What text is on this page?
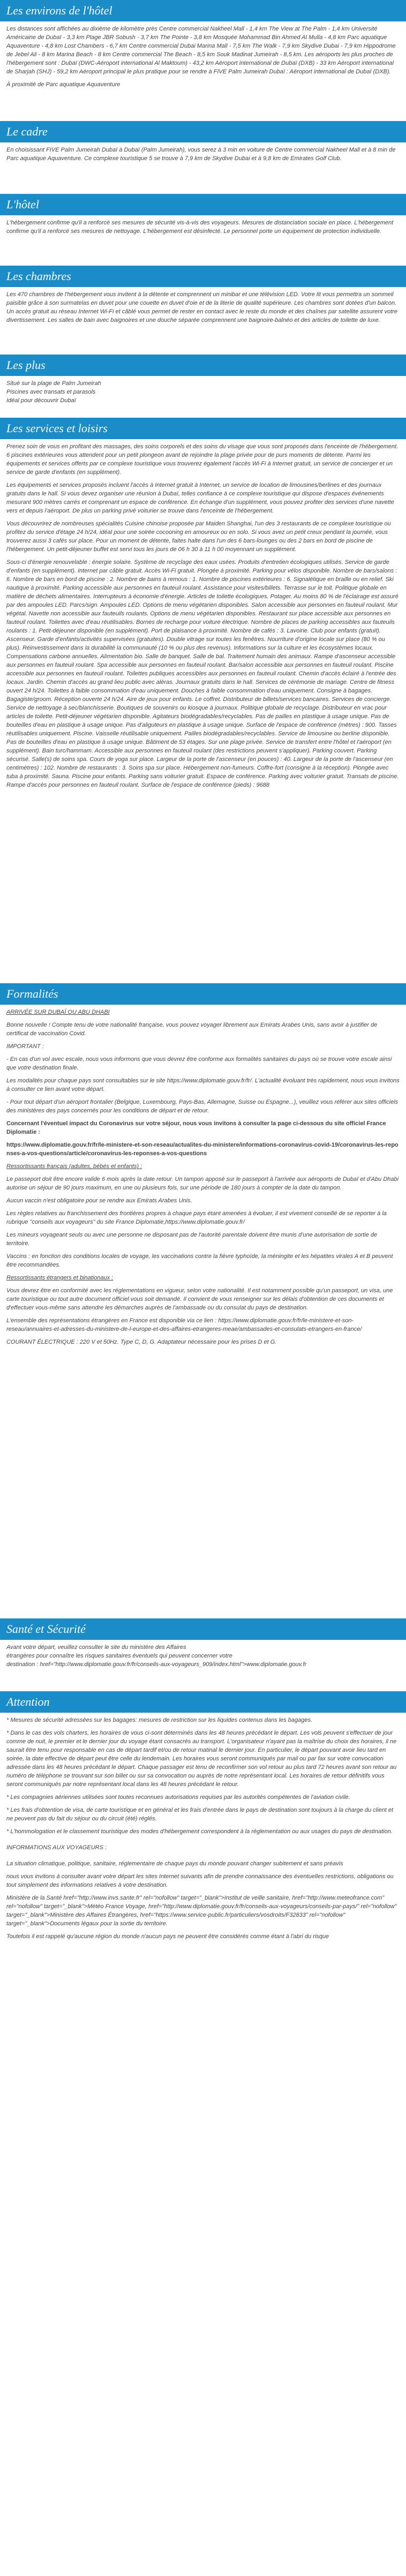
Les environs de l'hôtel

Les distances sont affichées au dixième de kilomètre près Centre commercial Nakheel Mall - 1,4 km The View at The Palm - 1,4 km Université Américaine de Dubaï - 3,3 km Plage JBR Sobush - 3,7 km The Pointe - 3,8 km Mosquée Mohammad Bin Ahmed Al Mulla - 4,8 km Parc aquatique Aquaventure - 4,8 km Lost Chambers - 6,7 km Centre commercial Dubai Marina Mall - 7,5 km The Walk - 7,9 km Skydive Dubai - 7,9 km Hippodrome de Jebel Ali - 8 km Marina Beach - 8 km Centre commercial The Beach - 8,5 km Souk Madinat Jumeirah - 8,5 km. Les aéroports les plus proches de l'hébergement sont : Dubaï (DWC-Aéroport international Al Maktoum) - 43,2 km Aéroport international de Dubaï (DXB) - 33 km Aéroport international de Sharjah (SHJ) - 59,2 km Aéroport principal le plus pratique pour se rendre à FIVE Palm Jumeirah Dubaï : Aéroport international de Dubaï (DXB).

À proximité de Parc aquatique Aquaventure

Le cadre

En choisissant FIVE Palm Jumeirah Dubaï à Dubaï (Palm Jumeirah), vous serez à 3 min en voiture de Centre commercial Nakheel Mall et à 8 min de Parc aquatique Aquaventure. Ce complexe touristique 5 se trouve à 7,9 km de Skydive Dubai et à 9,8 km de Emirates Golf Club.

L'hôtel

L'hébergement confirme qu'il a renforcé ses mesures de sécurité vis-à-vis des voyageurs. Mesures de distanciation sociale en place. L'hébergement confirme qu'il a renforcé ses mesures de nettoyage. L'hébergement est désinfecté. Le personnel porte un équipement de protection individuelle.

Les chambres

Les 470 chambres de l'hébergement vous invitent à la détente et comprennent un minibar et une télévision LED. Votre lit vous permettra un sommeil paisible grâce à son surmatelas en duvet pour une couette en duvet d'oie et de la literie de qualité supérieure. Les chambres sont dotées d'un balcon. Un accès gratuit au réseau Internet Wi-Fi et câblé vous permet de rester en contact avec le reste du monde et des chaînes par satellite assurent votre divertissement. Les salles de bain avec baignoires et une douche séparée comprennent une baignoire-balnéo et des articles de toilette de luxe.

Les plus

Situé sur la plage de Palm Jumeirah

Piscines avec transats et parasols

Idéal pour découvrir Dubaï

Les services et loisirs

Prenez soin de vous en profitant des massages, des soins corporels et des soins du visage que vous sont proposés dans l'enceinte de l'hébergement. 6 piscines extérieures vous attendent pour un petit plongeon avant de rejoindre la plage privée pour de purs moments de détente. Parmi les équipements et services offerts par ce complexe touristique vous trouverez également l'accès Wi-Fi à Internet gratuit, un service de concierger et un service de garde d'enfants (en supplément).

Les équipements et services proposés incluent l'accès à Internet gratuit à Internet, un service de location de limousines/berlines et des journaux gratuits dans le hall. Si vous devez organiser une réunion à Dubaï, telles confiance à ce complexe touristique qui dispose d'espaces événements mesurant 900 mètres carrés et comprenant un espace de conférence. En échange d'un supplément, vous pouvez profiter des services d'une navette vers et depuis l'aéroport. De plus un parking privé voiturier se trouve dans l'enceinte de l'hébergement.

Vous découvrirez de nombreuses spécialités Cuisine chinoise proposée par Maiden Shanghai, l'un des 3 restaurants de ce complexe touristique ou profitez du service d'étage 24 h/24, idéal pour une soirée cocooning en amoureux ou en solo. Si vous avez un petit creux pendant la journée, vous trouverez aussi 3 cafés sur place. Pour un moment de détente, faites halte dans l'un des 6 bars-lounges ou des 2 bars en bord de piscine de l'hébergement. Un petit-déjeuner buffet est servi tous les jours de 06 h 30 à 11 h 00 moyennant un supplément.

Sous-ci d'énergie renouvelable : énergie solaire. Système de recyclage des eaux usées. Produits d'entretien écologiques utilisés. Service de garde d'enfants (en supplément). Internet par câble gratuit. Accès Wi-Fi gratuit. Plongée à proximité. Parking pour vélos disponible. Nombre de bars/salons : 6. Nombre de bars en bord de piscine : 2. Nombre de bains à remous : 1. Nombre de piscines extérieures : 6. Signalétique en braille ou en relief. Ski nautique à proximité. Parking accessible aux personnes en fauteuil roulant. Assistance pour visites/billets. Terrasse sur le toit. Politique globale en matière de déchets alimentaires. Interrupteurs à économie d'énergie. Articles de toilette écologiques. Potager. Au moins 80 % de l'éclairage est assuré par des ampoules LED. Parcs/sign. Ampoules LED. Options de menu végétarien disponibles. Salon accessible aux personnes en fauteuil roulant. Mur végétal. Navette non accessible aux fauteuils roulants. Options de menu végétarien disponibles. Restaurant sur place accessible aux personnes en fauteuil roulant. Toilettes avec d'eau réutilisables. Bornes de recharge pour voiture électrique. Nombre de places de parking accessibles aux fauteuils roulants : 1. Petit-déjeuner disponible (en supplément). Port de plaisance à proximité. Nombre de cafés : 3. Lavoirie. Club pour enfants (gratuit). Ascenseur. Garde d'enfants/activités supervisées (gratuites). Double vitrage sur toutes les fenêtres. Nourriture d'origine locale sur place (80 % ou plus). Réinvestissement dans la durabilité la communauté (10 % ou plus des revenus). Informations sur la culture et les écosystèmes locaux. Compensations carbone annuelles. Alimentation bio. Salle de banquet. Salle de bal. Traitement humain des animaux. Rampe d'ascenseur accessible aux personnes en fauteuil roulant. Spa accessible aux personnes en fauteuil roulant. Bar/salon accessible aux personnes en fauteuil roulant. Piscine accessible aux personnes en fauteuil roulant. Toilettes publiques accessibles aux personnes en fauteuil roulant. Chemin d'accès éclairé à l'entrée des locaux. Jardin. Chemin d'accès au grand lieu public avec aléras. Journaux gratuits dans le hall. Services de cérémonie de mariage. Centre de fitness ouvert 24 h/24. Toilettes à faible consommation d'eau uniquement. Douches à faible consommation d'eau uniquement. Consigne à bagages. Bagagiste/groom. Réception ouverte 24 h/24. Aire de jeux pour enfants. Le coffret. Distributeur de billets/services bancaires. Services de concierge. Service de nettoyage à sec/blanchisserie. Boutiques de souvenirs ou kiosque à journaux. Politique globale de recyclage. Distributeur en vrac pour articles de toilette. Petit-déjeuner végétarien disponible. Agitateurs biodégradables/recyclables. Pas de pailles en plastique à usage unique. Pas de bouteilles d'eau en plastique à usage unique. Pas d'aliguteurs en plastique à usage unique. Surface de l'espace de conférence (mètres) : 900. Tasses réutilisables uniquement. Piscine. Vaisselle réutilisable uniquement. Pailles biodégradables/recyclables. Service de limousine ou berline disponible. Pas de bouteilles d'eau en plastique à usage unique. Bâtiment de 53 étages. Sur une plage privée. Service de transfert entre l'hôtel et l'aéroport (en supplément). Bain turc/hammam. Accessible aux personnes en fauteuil roulant (des restrictions peuvent s'appliquer). Parking couvert. Parking sécurisé. Salle(s) de soins spa. Cours de yoga sur place. Largeur de la porte de l'ascenseur (en pouces) : 40. Largeur de la porte de l'ascenseur (en centimètres) : 102. Nombre de restaurants : 3. Soins spa sur place. Hébergement non-fumeurs. Coffre-fort (consigne à la réception). Plongée avec tuba à proximité. Sauna. Piscine pour enfants. Parking sans voiturier gratuit. Espace de conférence. Parking avec voiturier gratuit. Transats de piscine. Rampe d'accès pour personnes en fauteuil roulant. Surface de l'espace de conférence (pieds) : 9688

Formalités

ARRIVÉE SUR DUBAÏ OU ABU DHABI

Bonne nouvelle ! Compte tenu de votre nationalité française, vous pouvez voyager librement aux Emirats Arabes Unis, sans avoir à justifier de certificat de vaccination Covid.

IMPORTANT :

- En cas d'un vol avec escale, nous vous informons que vous devrez être conforme aux formalités sanitaires du pays où se trouve votre escale ainsi que votre destination finale.

Les modalités pour chaque pays sont consultables sur le site https://www.diplomatie.gouv.fr/fr/. L'actualité évoluant très rapidement, nous vous invitons à consulter ce lien avant votre départ.

- Pour tout départ d'un aéroport frontalier (Belgique, Luxembourg, Pays-Bas, Allemagne, Suisse ou Espagne...), veuillez vous référer aux sites officiels des ministères des pays concernés pour les conditions de départ et de retour.

Concernant l'éventuel impact du Coronavirus sur votre séjour, nous vous invitons à consulter la page ci-dessous du site officiel France Diplomatie :

https://www.diplomatie.gouv.fr/fr/le-ministere-et-son-reseau/actualites-du-ministere/informations-coronavirus-covid-19/coronavirus-les-reponses-a-vos-questions/article/coronavirus-les-reponses-a-vos-questions

Ressortissants français (adultes, bébés et enfants) :

Le passeport doit être encore valide 6 mois après la date retour. Un tampon apposé sur le passeport à l'arrivée aux aéroports de Dubaï et d'Abu Dhabi autorise un séjour de 90 jours maximum, en une ou plusieurs fois, sur une période de 180 jours à compter de la date du tampon.

Aucun vaccin n'est obligatoire pour se rendre aux Emirats Arabes Unis.

Les règles relatives au franchissement des frontières propres à chaque pays étant amenées à évoluer, il est vivement conseillé de se reporter à la rubrique "conseils aux voyageurs" du site France Diplomatie,https://www.diplomatie.gouv.fr/

Les mineurs voyageant seuls ou avec une personne ne disposant pas de l'autorité parentale doivent être munis d'une autorisation de sortie de territoire.

Vaccins : en fonction des conditions locales de voyage, les vaccinations contre la fièvre typhoïde, la méningite et les hépatites virales A et B peuvent être recommandées.

Ressortissants étrangers et binationaux :

Vous devrez être en conformité avec les réglementations en vigueur, selon votre nationalité. Il est notamment possible qu'un passeport, un visa, une carte touristique ou tout autre document officiel vous soit demandé. Il convient de vous renseigner sur les délais d'obtention de ces documents et d'effectuer vous-même sans attendre les démarches auprès de l'ambassade ou du consulat du pays de destination.

L'ensemble des représentations étrangères en France est disponible via ce lien : https://www.diplomatie.gouv.fr/fr/le-ministere-et-son-reseau/annuaires-et-adresses-du-ministere-de-l-europe-et-des-affaires-etrangeres-meae/ambassades-et-consulats-etrangers-en-france/

COURANT ÉLECTRIQUE : 220 V et 50Hz. Type C, D, G. Adaptateur nécessaire pour les prises D et G.

Santé et Sécurité

Avant votre départ, veuillez consulter le site du ministère des Affaires

étrangères pour connaître les risques sanitaires éventuels qui peuvent concerner votre

destination : href="http://www.diplomatie.gouv.fr/fr/conseils-aux-voyageurs_909/index.html">www.diplomatie.gouv.fr

Attention

* Mesures de sécurité adressées sur les bagages: mesures de restriction sur les liquides contenus dans les bagages.

* Dans le cas des vols charters, les horaires de vous ci-sont déterminés dans les 48 heures précédant le départ. Les vols peuvent s'effectuer de jour comme de nuit, le premier et le dernier jour du voyage étant consacrés au transport. L'organisateur n'ayant pas la maîtrise du choix des horaires, il ne saurait être tenu pour responsable en cas de départ tardif et/ou de retour matinal le dernier jour. En particulier, le départ pouvant avoir lieu tard en soirée, la date effective de départ peut être celle du lendemain. Les horaires vous seront communiqués par mail ou par fax sur votre convocation adressée dans les 48 heures précédant le départ. Chaque passager est tenu de reconfirmer son vol retour au plus tard 72 heures avant son retour au numéro de téléphone se trouvant sur son billet ou sur sa convocation ou auprès de notre représentant local. Les horaires de retour définitifs vous seront communiqués par notre représentant local dans les 48 heures précédant le retour.

* Les compagnies aériennes utilisées sont toutes reconnues autorisations requises par les autorités compétentes de l'aviation civile.

* Les frais d'obtention de visa, de carte touristique et en général et les frais d'entrée dans le pays de destination sont toujours à la charge du client et ne peuvent pas du fait du séjour ou du circuit (été) réglés.

* L'hommologation et le classement touristique des modes d'hébergement correspondent à la réglementation ou aux usages du pays de destination.

INFORMATIONS AUX VOYAGEURS :

La situation climatique, politique, sanitaire, réglementaire de chaque pays du monde pouvant changer subitement et sans préavis

nous vous invitons à consulter avant votre départ les sites Internet suivants afin de prendre connaissance des éventuelles restrictions, obligations ou tout simplement des informations relatives à votre destination.

Ministère de la Santé href="http://www.invs.sante.fr" rel="nofollow" target="_blank">Institut de veille sanitaire, href="http://www.meteofrance.com" rel="nofollow" target="_blank">Météo France Voyage, href="http://www.diplomatie.gouv.fr/fr/conseils-aux-voyageurs/conseils-par-pays/" rel="nofollow" target="_blank">Ministère des Affaires Étrangères, href="https://www.service-public.fr/particuliers/vosdroits/F32833" rel="nofollow" target="_blank">Documents légaux pour la sortie du territoire.

Toutefois il est rappelé qu'aucune région du monde n'aucun pays ne peuvent être considérés comme étant à l'abri du risque
